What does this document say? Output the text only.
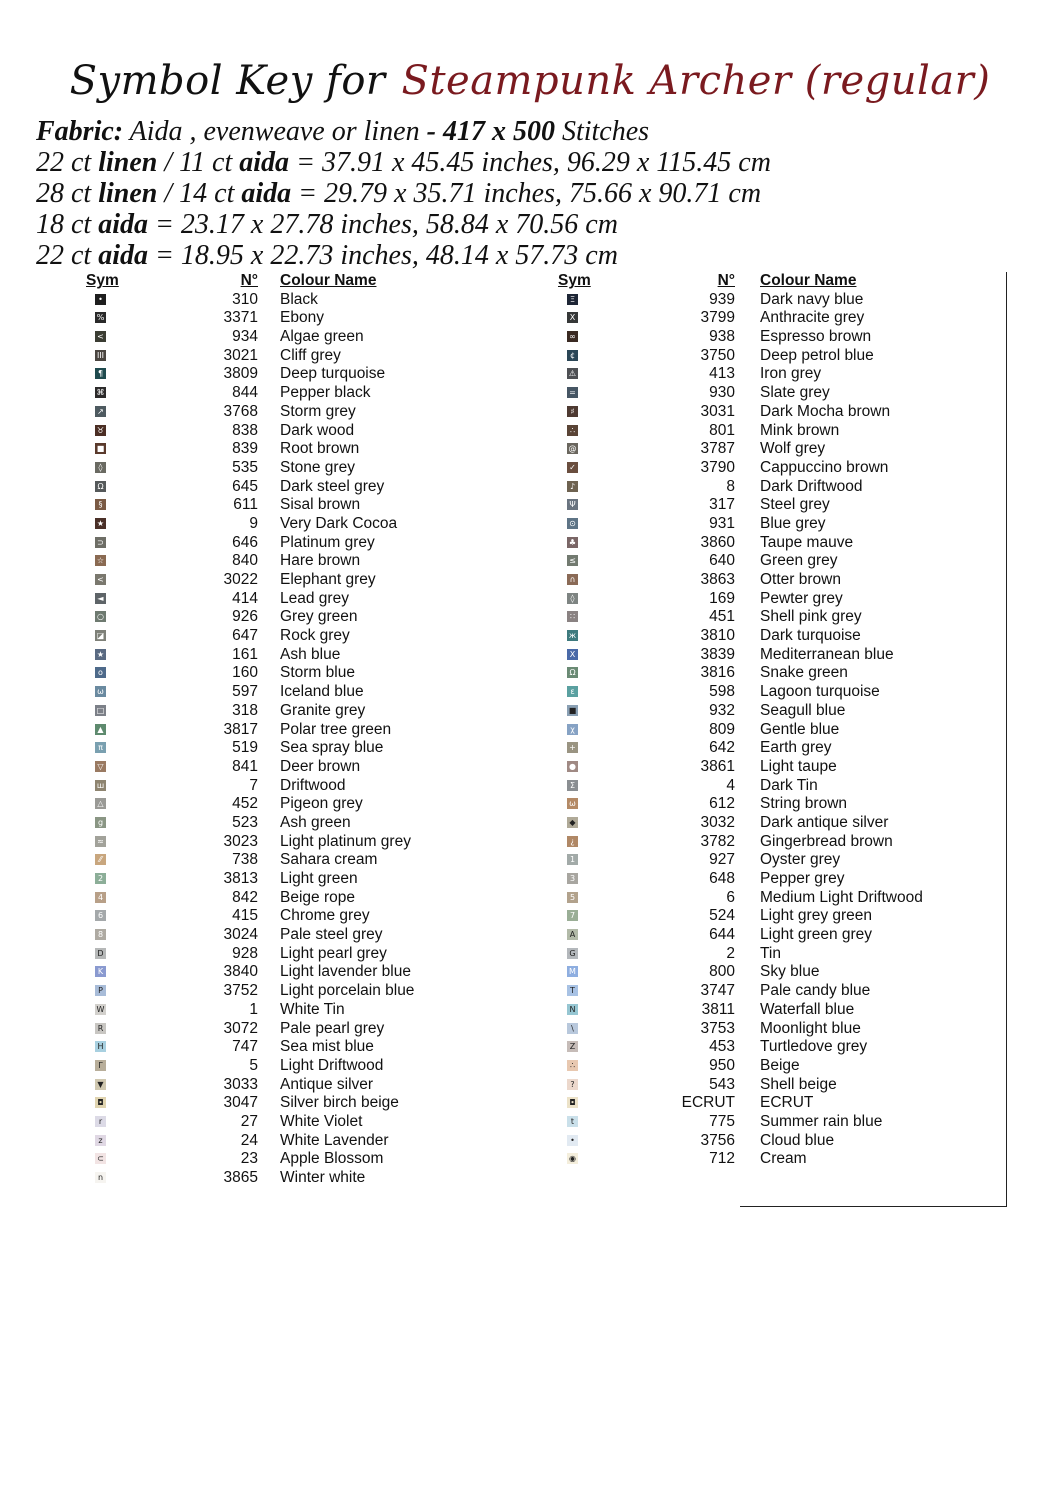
Symbol Key for Steampunk Archer (regular)
Fabric: Aida , evenweave or linen - 417 x 500 Stitches
22 ct linen / 11 ct aida = 37.91 x 45.45 inches, 96.29 x 115.45 cm
28 ct linen / 14 ct aida = 29.79 x 35.71 inches, 75.66 x 90.71 cm
18 ct aida = 23.17 x 27.78 inches, 58.84 x 70.56 cm
22 ct aida = 18.95 x 22.73 inches, 48.14 x 57.73 cm
Sym	N° Colour Name
•	310 Black
%	3371 Ebony
<	934 Algae green
III	3021 Cliff grey
¶	3809 Deep turquoise
⌘	844 Pepper black
↗	3768 Storm grey
♉	838 Dark wood
■	839 Root brown
◊	535 Stone grey
Ω	645 Dark steel grey
§	611 Sisal brown
★	9 Very Dark Cocoa
⊃	646 Platinum grey
☆	840 Hare brown
<	3022 Elephant grey
◄	414 Lead grey
○	926 Grey green
◪	647 Rock grey
★	161 Ash blue
o	160 Storm blue
ω	597 Iceland blue
□	318 Granite grey
▲	3817 Polar tree green
π	519 Sea spray blue
▽	841 Deer brown
ш	7 Driftwood
△	452 Pigeon grey
g	523 Ash green
≈	3023 Light platinum grey
⁄⁄	738 Sahara cream
2	3813 Light green
4	842 Beige rope
6	415 Chrome grey
8	3024 Pale steel grey
D	928 Light pearl grey
K	3840 Light lavender blue
P	3752 Light porcelain blue
W	1 White Tin
R	3072 Pale pearl grey
H	747 Sea mist blue
Γ	5 Light Driftwood
▼	3033 Antique silver
◘	3047 Silver birch beige
r	27 White Violet
z	24 White Lavender
⊂	23 Apple Blossom
n	3865 Winter white
Sym	N° Colour Name
Ξ	939 Dark navy blue
X	3799 Anthracite grey
∞	938 Espresso brown
¢	3750 Deep petrol blue
⚠	413 Iron grey
=	930 Slate grey
♯	3031 Dark Mocha brown
∴	801 Mink brown
@	3787 Wolf grey
✓	3790 Cappuccino brown
♪	8 Dark Driftwood
Ψ	317 Steel grey
⊙	931 Blue grey
♣	3860 Taupe mauve
≤	640 Green grey
∩	3863 Otter brown
◊	169 Pewter grey
∷	451 Shell pink grey
ж	3810 Dark turquoise
X	3839 Mediterranean blue
Ω	3816 Snake green
ε	598 Lagoon turquoise
■	932 Seagull blue
χ	809 Gentle blue
+	642 Earth grey
●	3861 Light taupe
Σ	4 Dark Tin
ω	612 String brown
◆	3032 Dark antique silver
¿	3782 Gingerbread brown
1	927 Oyster grey
3	648 Pepper grey
5	6 Medium Light Driftwood
7	524 Light grey green
A	644 Light green grey
G	2 Tin
M	800 Sky blue
T	3747 Pale candy blue
N	3811 Waterfall blue
\	3753 Moonlight blue
Z	453 Turtledove grey
∴	950 Beige
?	543 Shell beige
◘	ECRUT ECRUT
t	775 Summer rain blue
•	3756 Cloud blue
◉	712 Cream
